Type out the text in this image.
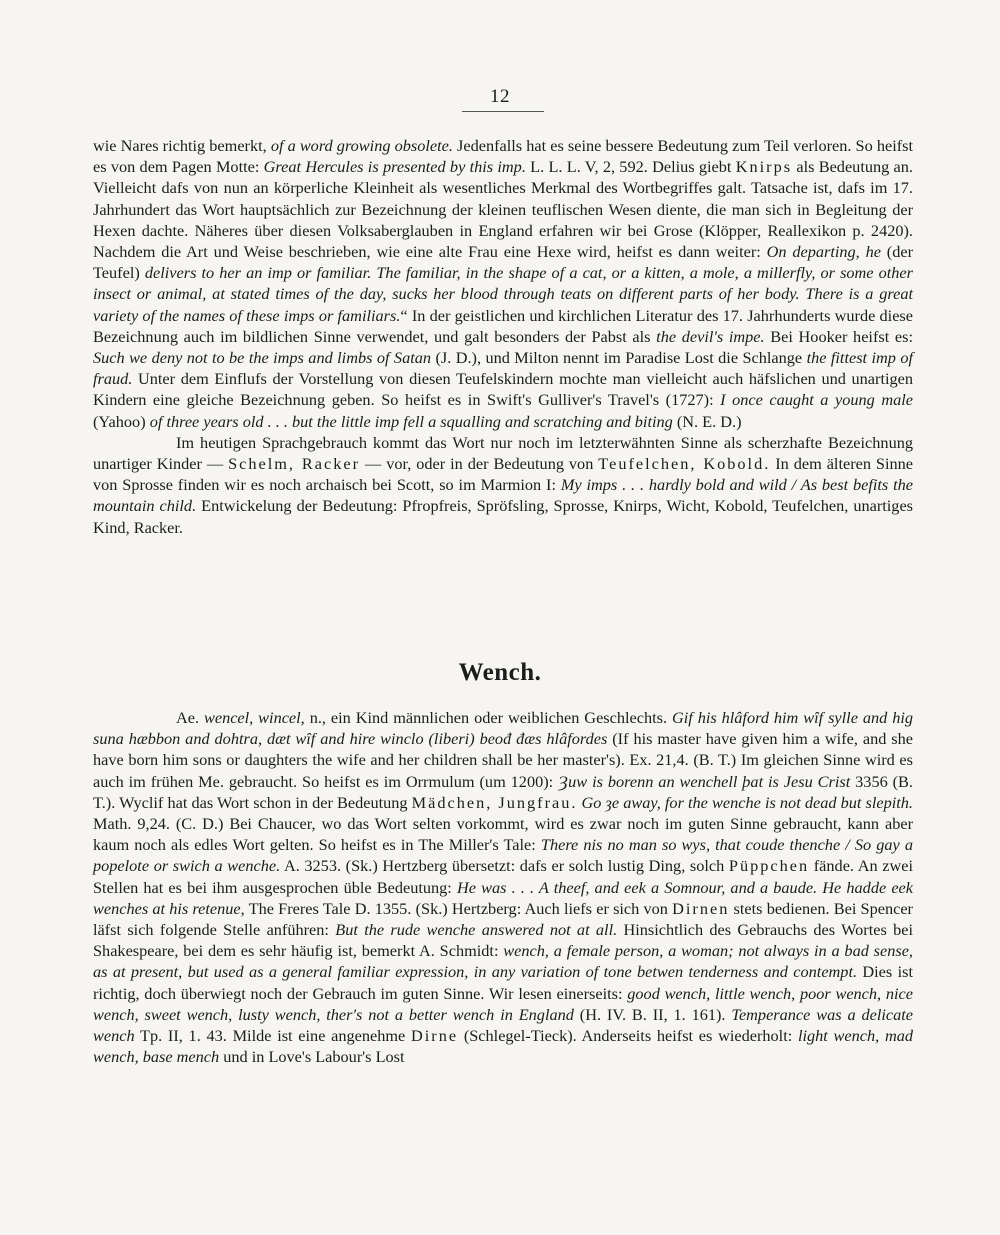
12

wie Nares richtig bemerkt, of a word growing obsolete. Jedenfalls hat es seine bessere Bedeutung zum Teil verloren. So heifst es von dem Pagen Motte: Great Hercules is presented by this imp. L. L. L. V, 2, 592. Delius giebt Knirps als Bedeutung an. Vielleicht dafs von nun an körperliche Kleinheit als wesentliches Merkmal des Wortbegriffes galt. Tatsache ist, dafs im 17. Jahrhundert das Wort hauptsächlich zur Bezeichnung der kleinen teuflischen Wesen diente, die man sich in Begleitung der Hexen dachte. Näheres über diesen Volksaberglauben in England erfahren wir bei Grose (Klöpper, Reallexikon p. 2420). Nachdem die Art und Weise beschrieben, wie eine alte Frau eine Hexe wird, heifst es dann weiter: On departing, he (der Teufel) delivers to her an imp or familiar. The familiar, in the shape of a cat, or a kitten, a mole, a millerfly, or some other insect or animal, at stated times of the day, sucks her blood through teats on different parts of her body. There is a great variety of the names of these imps or familiars.“ In der geistlichen und kirchlichen Literatur des 17. Jahrhunderts wurde diese Bezeichnung auch im bildlichen Sinne verwendet, und galt besonders der Pabst als the devil's impe. Bei Hooker heifst es: Such we deny not to be the imps and limbs of Satan (J. D.), und Milton nennt im Paradise Lost die Schlange the fittest imp of fraud. Unter dem Einflufs der Vorstellung von diesen Teufelskindern mochte man vielleicht auch häfslichen und unartigen Kindern eine gleiche Bezeichnung geben. So heifst es in Swift's Gulliver's Travel's (1727): I once caught a young male (Yahoo) of three years old . . . but the little imp fell a squalling and scratching and biting (N. E. D.)

Im heutigen Sprachgebrauch kommt das Wort nur noch im letzterwähnten Sinne als scherzhafte Bezeichnung unartiger Kinder — Schelm, Racker — vor, oder in der Bedeutung von Teufelchen, Kobold. In dem älteren Sinne von Sprosse finden wir es noch archaisch bei Scott, so im Marmion I: My imps . . . hardly bold and wild / As best befits the mountain child. Entwickelung der Bedeutung: Pfropfreis, Spröfsling, Sprosse, Knirps, Wicht, Kobold, Teufelchen, unartiges Kind, Racker.

Wench.

Ae. wencel, wincel, n., ein Kind männlichen oder weiblichen Geschlechts. Gif his hlâford him wîf sylle and hig suna hæbbon and dohtra, dæt wîf and hire winclo (liberi) beođ đæs hlâfordes (If his master have given him a wife, and she have born him sons or daughters the wife and her children shall be her master's). Ex. 21,4. (B. T.) Im gleichen Sinne wird es auch im frühen Me. gebraucht. So heifst es im Orrmulum (um 1200): Ȝuw is borenn an wenchell þat is Jesu Crist 3356 (B. T.). Wyclif hat das Wort schon in der Bedeutung Mädchen, Jungfrau. Go ȝe away, for the wenche is not dead but slepith. Math. 9,24. (C. D.) Bei Chaucer, wo das Wort selten vorkommt, wird es zwar noch im guten Sinne gebraucht, kann aber kaum noch als edles Wort gelten. So heifst es in The Miller's Tale: There nis no man so wys, that coude thenche / So gay a popelote or swich a wenche. A. 3253. (Sk.) Hertzberg übersetzt: dafs er solch lustig Ding, solch Püppchen fände. An zwei Stellen hat es bei ihm ausgesprochen üble Bedeutung: He was . . . A theef, and eek a Somnour, and a baude. He hadde eek wenches at his retenue, The Freres Tale D. 1355. (Sk.) Hertzberg: Auch liefs er sich von Dirnen stets bedienen. Bei Spencer läfst sich folgende Stelle anführen: But the rude wenche answered not at all. Hinsichtlich des Gebrauchs des Wortes bei Shakespeare, bei dem es sehr häufig ist, bemerkt A. Schmidt: wench, a female person, a woman; not always in a bad sense, as at present, but used as a general familiar expression, in any variation of tone betwen tenderness and contempt. Dies ist richtig, doch überwiegt noch der Gebrauch im guten Sinne. Wir lesen einerseits: good wench, little wench, poor wench, nice wench, sweet wench, lusty wench, ther's not a better wench in England (H. IV. B. II, 1. 161). Temperance was a delicate wench Tp. II, 1. 43. Milde ist eine angenehme Dirne (Schlegel-Tieck). Anderseits heifst es wiederholt: light wench, mad wench, base mench und in Love's Labour's Lost
